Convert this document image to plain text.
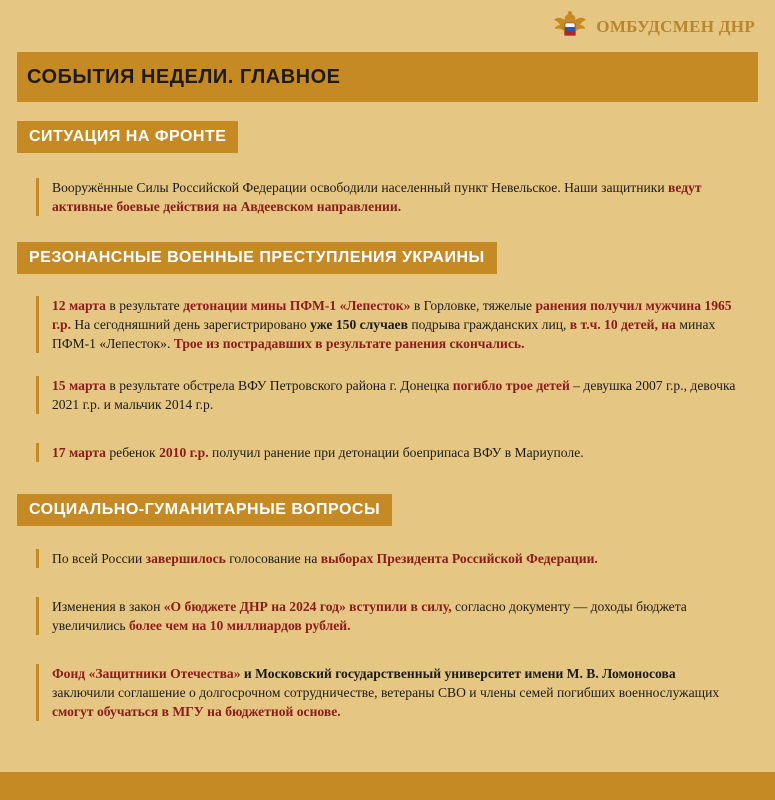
ОМБУДСМЕН ДНР
СОБЫТИЯ НЕДЕЛИ. ГЛАВНОЕ
СИТУАЦИЯ НА ФРОНТЕ
Вооружённые Силы Российской Федерации освободили населенный пункт Невельское. Наши защитники ведут активные боевые действия на Авдеевском направлении.
РЕЗОНАНСНЫЕ ВОЕННЫЕ ПРЕСТУПЛЕНИЯ УКРАИНЫ
12 марта в результате детонации мины ПФМ-1 «Лепесток» в Горловке, тяжелые ранения получил мужчина 1965 г.р. На сегодняшний день зарегистрировано уже 150 случаев подрыва гражданских лиц, в т.ч. 10 детей, на минах ПФМ-1 «Лепесток». Трое из пострадавших в результате ранения скончались.
15 марта в результате обстрела ВФУ Петровского района г. Донецка погибло трое детей – девушка 2007 г.р., девочка 2021 г.р. и мальчик 2014 г.р.
17 марта ребенок 2010 г.р. получил ранение при детонации боеприпаса ВФУ в Мариуполе.
СОЦИАЛЬНО-ГУМАНИТАРНЫЕ ВОПРОСЫ
По всей России завершилось голосование на выборах Президента Российской Федерации.
Изменения в закон «О бюджете ДНР на 2024 год» вступили в силу, согласно документу — доходы бюджета увеличились более чем на 10 миллиардов рублей.
Фонд «Защитники Отечества» и Московский государственный университет имени М. В. Ломоносова заключили соглашение о долгосрочном сотрудничестве, ветераны СВО и члены семей погибших военнослужащих смогут обучаться в МГУ на бюджетной основе.
